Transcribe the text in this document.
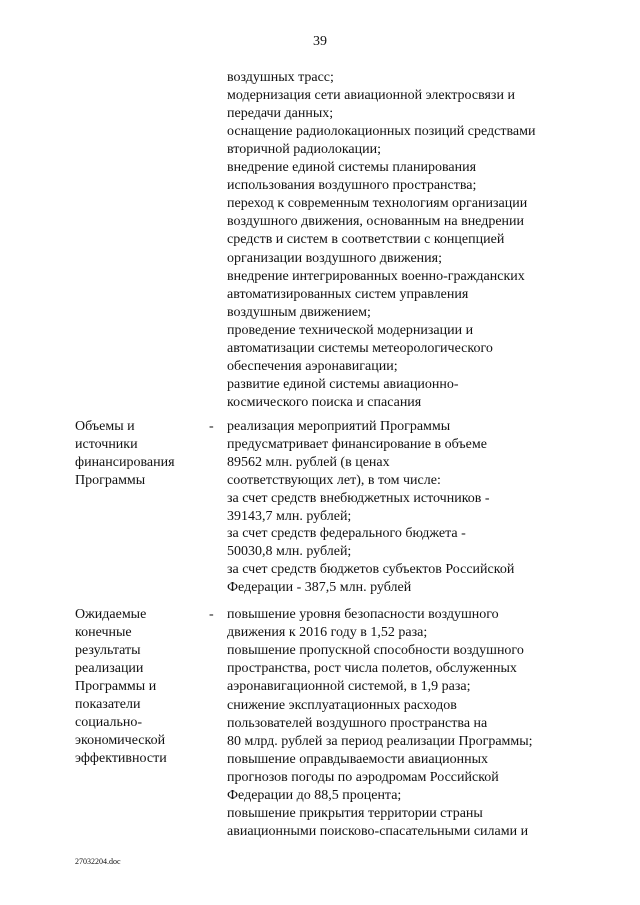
39
воздушных трасс;
модернизация сети авиационной электросвязи и
передачи данных;
оснащение радиолокационных позиций средствами
вторичной радиолокации;
внедрение единой системы планирования
использования воздушного пространства;
переход к современным технологиям организации
воздушного движения, основанным на внедрении
средств и систем в соответствии с концепцией
организации воздушного движения;
внедрение интегрированных военно-гражданских
автоматизированных систем управления
воздушным движением;
проведение технической модернизации и
автоматизации системы метеорологического
обеспечения аэронавигации;
развитие единой системы авиационно-
космического поиска и спасания
Объемы и
источники
финансирования
Программы
- реализация мероприятий Программы
предусматривает финансирование в объеме
89562 млн. рублей (в ценах
соответствующих лет), в том числе:
за счет средств внебюджетных источников -
39143,7 млн. рублей;
за счет средств федерального бюджета -
50030,8 млн. рублей;
за счет средств бюджетов субъектов Российской
Федерации - 387,5 млн. рублей
Ожидаемые
конечные
результаты
реализации
Программы и
показатели
социально-
экономической
эффективности
- повышение уровня безопасности воздушного
движения к 2016 году в 1,52 раза;
повышение пропускной способности воздушного
пространства, рост числа полетов, обслуженных
аэронавигационной системой, в 1,9 раза;
снижение эксплуатационных расходов
пользователей воздушного пространства на
80 млрд. рублей за период реализации Программы;
повышение оправдываемости авиационных
прогнозов погоды по аэродромам Российской
Федерации до 88,5 процента;
повышение прикрытия территории страны
авиационными поисково-спасательными силами и
27032204.doc
